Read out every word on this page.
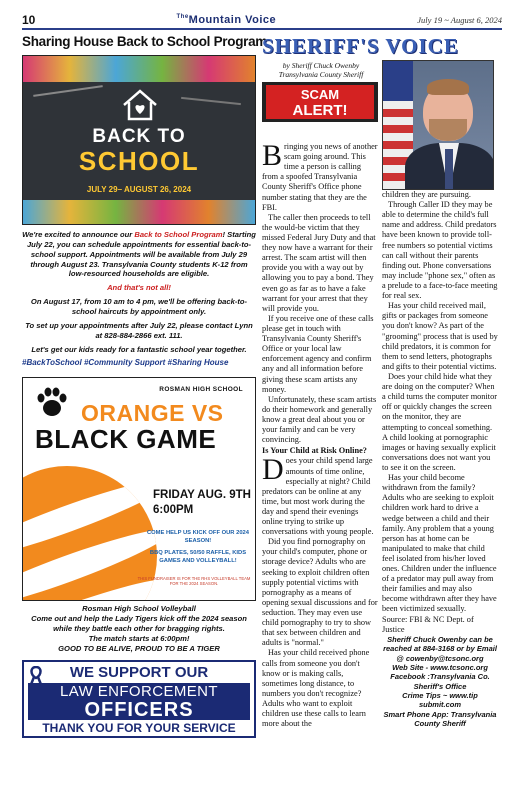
10	$^{The}$Mountain Voice	July 19 ~ August 6, 2024
Sharing House Back to School Program
BACK TO
SCHOOL
JULY 29– AUGUST 26, 2024

We're excited to announce our Back to School Program! Starting July 22, you can schedule appointments for essential back-to-school support. Appointments will be available from July 29 through August 23. Transylvania County students K-12 from low-resourced households are eligible.

And that's not all!

On August 17, from 10 am to 4 pm, we'll be offering back-to-school haircuts by appointment only.

To set up your appointments after July 22, please contact Lynn at 828-884-2866 ext. 111.

Let's get our kids ready for a fantastic school year together.

#BackToSchool #Community Support #Sharing House
ROSMAN HIGH SCHOOL
ORANGE VS
BLACK GAME
FRIDAY AUG. 9TH
6:00PM
COME HELP US KICK OFF OUR 2024 SEASON!
BBQ PLATES, 50/50 RAFFLE, KIDS GAMES AND VOLLEYBALL!
THIS FUNDRAISER IS FOR THE RHS VOLLEYBALL TEAM FOR THE 2024 SEASON.
Rosman High School Volleyball
Come out and help the Lady Tigers kick off the 2024 season while they battle each other for bragging rights.
The match starts at 6:00pm!
GOOD TO BE ALIVE, PROUD TO BE A TIGER
WE SUPPORT OUR
LAW ENFORCEMENT
OFFICERS
THANK YOU FOR YOUR SERVICE
SHERIFF'S VOICE
by Sheriff Chuck Owenby
Transylvania County Sheriff
SCAM
ALERT!
Bringing you news of another scam going around. This time a person is calling from a spoofed Transylvania County Sheriff's Office phone number stating that they are the FBI.

The caller then proceeds to tell the would-be victim that they missed Federal Jury Duty and that they now have a warrant for their arrest. The scam artist will then provide you with a way out by allowing you to pay a bond. They even go as far as to have a fake warrant for your arrest that they will provide you.

If you receive one of these calls please get in touch with Transylvania County Sheriff's Office or your local law enforcement agency and confirm any and all information before giving these scam artists any money.

Unfortunately, these scam artists do their homework and generally know a great deal about you or your family and can be very convincing.

Is Your Child at Risk Online?
Does your child spend large amounts of time online, especially at night? Child predators can be online at any time, but most work during the day and spend their evenings online trying to strike up conversations with young people.

Did you find pornography on your child's computer, phone or storage device? Adults who are seeking to exploit children often supply potential victims with pornography as a means of opening sexual discussions and for seduction. They may even use child pornography to try to show that sex between children and adults is "normal."

Has your child received phone calls from someone you don't know or is making calls, sometimes long distance, to numbers you don't recognize? Adults who want to exploit children use these calls to learn more about the

children they are pursuing.

Through Caller ID they may be able to determine the child's full name and address. Child predators have been known to provide toll-free numbers so potential victims can call without their parents finding out. Phone conversations may include "phone sex," often as a prelude to a face-to-face meeting for real sex.

Has your child received mail, gifts or packages from someone you don't know? As part of the "grooming" process that is used by child predators, it is common for them to send letters, photographs and gifts to their potential victims.

Does your child hide what they are doing on the computer? When a child turns the computer monitor off or quickly changes the screen on the monitor, they are attempting to conceal something. A child looking at pornographic images or having sexually explicit conversations does not want you to see it on the screen.

Has your child become withdrawn from the family? Adults who are seeking to exploit children work hard to drive a wedge between a child and their family. Any problem that a young person has at home can be manipulated to make that child feel isolated from his/her loved ones. Children under the influence of a predator may pull away from their families and may also become withdrawn after they have been victimized sexually.

Source: FBI & NC Dept. of Justice
Sheriff Chuck Owenby can be reached at 884-3168 or by Email @ cowenby@tcsonc.org
Web Site - www.tcsonc.org
Facebook :Transylvania Co. Sheriff's Office
Crime Tips ~ www.tip submit.com
Smart Phone App: Transylvania County Sheriff
